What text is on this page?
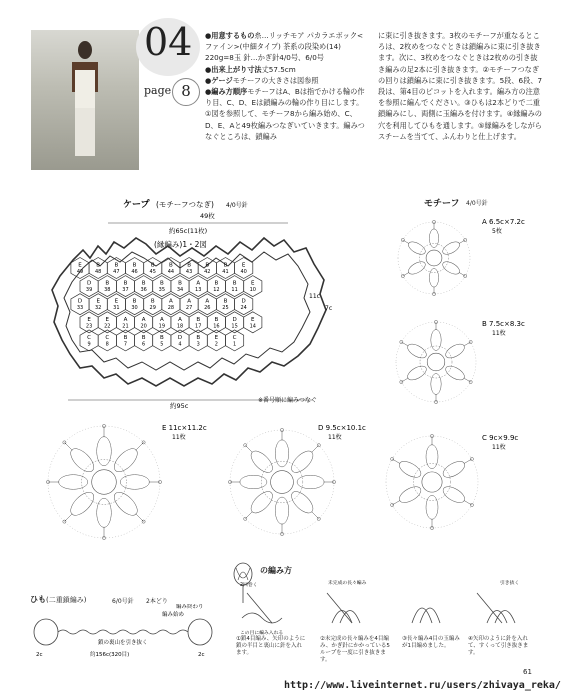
04
page 8

●用意するもの糸…リッチモア パカラエボック<ファイン>(中細タイプ) 茶系の段染め(14) 220g=8玉 針…かぎ針4/0号、6/0号

●出来上がり寸法丈57.5cm

●ゲージモチーフの大きさは図参照

●編み方順序モチーフはA、Bは指でかける輪の作り目、C、D、Eは鎖編みの輪の作り目にします。①図を参照して、モチーフ8から編み始め、C、D、E、Aと49枚編みつなぎいていきます。編みつなぐところは、鎖編み

に束に引き抜きます。3枚のモチーフが重なるところは、2枚めをつなぐときは鎖編みに束に引き抜きます。次に、3枚めをつなぐときは2枚めの引き抜き編みの足2本に引き抜きます。②モチーフつなぎの回りは鎖編みに束に引き抜きます。5段、6段、7段は、第4目のピコットを入れます。編み方の注意を参照に編んでください。③ひもは2本どりで二重鎖編みにし、両側に玉編みを付けます。④縁編みの穴を利用してひもを通します。⑤縁編みをしながらスチームを当てて、ふんわりと仕上げます。
ケープ (モチーフつなぎ) 4/0号針
49枚
約65c(11枚)
(縁編み)1・2図
約95c
※番号順に編みつなぐ
7c
11c
E
49
B
48
B
47
B
46
B
45
B
44
B
43
B
42
B
41
E
40
D
39
B
38
B
37
B
36
B
35
B
34
A
13
B
12
B
11
E
10
D
33
E
32
E
31
B
30
B
29
A
28
A
27
A
26
B
25
D
24
E
23
E
22
A
21
A
20
A
19
A
18
B
17
B
16
D
15
E
14
C
9
C
8
B
7
B
6
B
5
D
4
B
3
E
2
C
1
モチーフ 4/0号針
A 6.5c×7.2c
5枚
B 7.5c×8.3c
11枚
C 9c×9.9c
11枚
D 9.5c×10.1c
11枚
E 11c×11.2c
11枚
ひも (二重鎖編み)	6/0号針 2本どり
編み終わり
編み始め
鎖の裏山を引き抜く
約156c(320目)
2c	2c
の編み方
2回巻く	未完成の長々編み
この目に編み入れる
引き抜く
①鎖4目編み、矢印のように鎖の半目と裏山に針を入れます。
②未完成の長々編みを4目編み、かぎ針にかかっている5ループを一度に引き抜きます。
③長々編み4目の玉編みが1目編めました。
④矢印のように針を入れて、すくって引き抜きます。
61
http://www.liveinternet.ru/users/zhivaya_reka/
